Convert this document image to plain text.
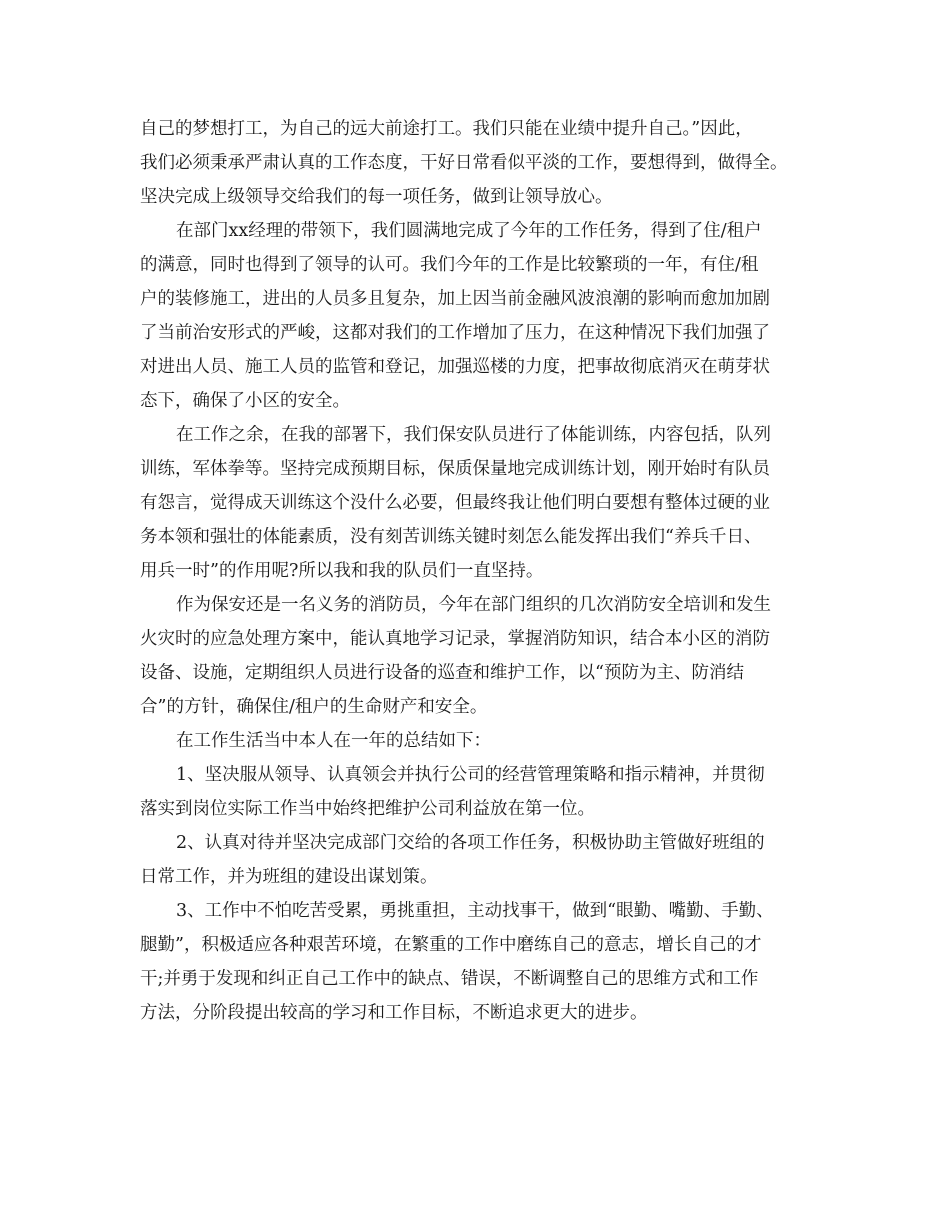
自己的梦想打工，为自己的远大前途打工。我们只能在业绩中提升自己。”因此，
我们必须秉承严肃认真的工作态度，干好日常看似平淡的工作，要想得到，做得全。
坚决完成上级领导交给我们的每一项任务，做到让领导放心。
在部门xx经理的带领下，我们圆满地完成了今年的工作任务，得到了住/租户
的满意，同时也得到了领导的认可。我们今年的工作是比较繁琐的一年，有住/租
户的装修施工，进出的人员多且复杂，加上因当前金融风波浪潮的影响而愈加加剧
了当前治安形式的严峻，这都对我们的工作增加了压力，在这种情况下我们加强了
对进出人员、施工人员的监管和登记，加强巡楼的力度，把事故彻底消灭在萌芽状
态下，确保了小区的安全。
在工作之余，在我的部署下，我们保安队员进行了体能训练，内容包括，队列
训练，军体拳等。坚持完成预期目标，保质保量地完成训练计划，刚开始时有队员
有怨言，觉得成天训练这个没什么必要，但最终我让他们明白要想有整体过硬的业
务本领和强壮的体能素质，没有刻苦训练关键时刻怎么能发挥出我们“养兵千日、
用兵一时”的作用呢?所以我和我的队员们一直坚持。
作为保安还是一名义务的消防员，今年在部门组织的几次消防安全培训和发生
火灾时的应急处理方案中，能认真地学习记录，掌握消防知识，结合本小区的消防
设备、设施，定期组织人员进行设备的巡查和维护工作，以“预防为主、防消结
合”的方针，确保住/租户的生命财产和安全。
在工作生活当中本人在一年的总结如下：
1、坚决服从领导、认真领会并执行公司的经营管理策略和指示精神，并贯彻
落实到岗位实际工作当中始终把维护公司利益放在第一位。
2、认真对待并坚决完成部门交给的各项工作任务，积极协助主管做好班组的
日常工作，并为班组的建设出谋划策。
3、工作中不怕吃苦受累，勇挑重担，主动找事干，做到“眼勤、嘴勤、手勤、
腿勤”，积极适应各种艰苦环境，在繁重的工作中磨练自己的意志，增长自己的才
干;并勇于发现和纠正自己工作中的缺点、错误，不断调整自己的思维方式和工作
方法，分阶段提出较高的学习和工作目标，不断追求更大的进步。
